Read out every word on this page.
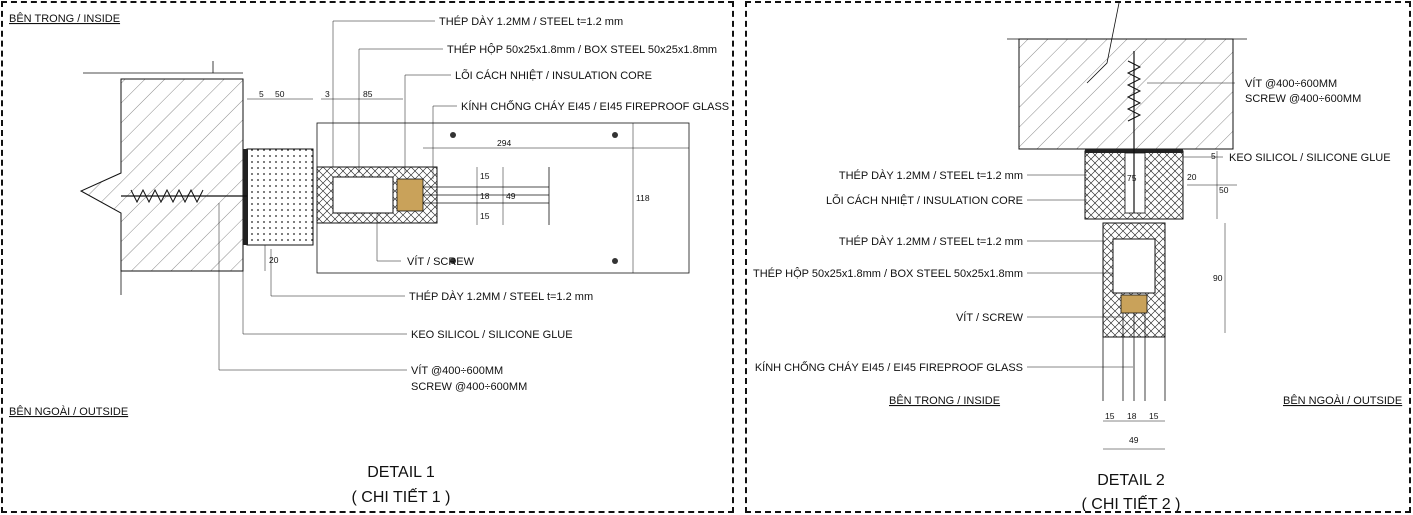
BÊN TRONG / INSIDE
BÊN NGOÀI / OUTSIDE
5 50	3	85
294
15
18
15
49	118
20
THÉP DÀY 1.2MM / STEEL t=1.2 mm
THÉP HỘP 50x25x1.8mm / BOX STEEL 50x25x1.8mm
LÕI CÁCH NHIỆT / INSULATION CORE
KÍNH CHỐNG CHÁY EI45 / EI45 FIREPROOF GLASS
VÍT / SCREW
THÉP DÀY 1.2MM / STEEL t=1.2 mm
KEO SILICOL / SILICONE GLUE
VÍT @400÷600MM
SCREW @400÷600MM
DETAIL 1
( CHI TIẾT 1 )
5
20
50
90
15 18 15
49
75
VÍT @400÷600MM
SCREW @400÷600MM
KEO SILICOL / SILICONE GLUE
THÉP DÀY 1.2MM / STEEL t=1.2 mm
LÕI CÁCH NHIỆT / INSULATION CORE
THÉP DÀY 1.2MM / STEEL t=1.2 mm
THÉP HỘP 50x25x1.8mm / BOX STEEL 50x25x1.8mm
VÍT / SCREW
KÍNH CHỐNG CHÁY EI45 / EI45 FIREPROOF GLASS
BÊN TRONG / INSIDE	BÊN NGOÀI / OUTSIDE
DETAIL 2
( CHI TIẾT 2 )
